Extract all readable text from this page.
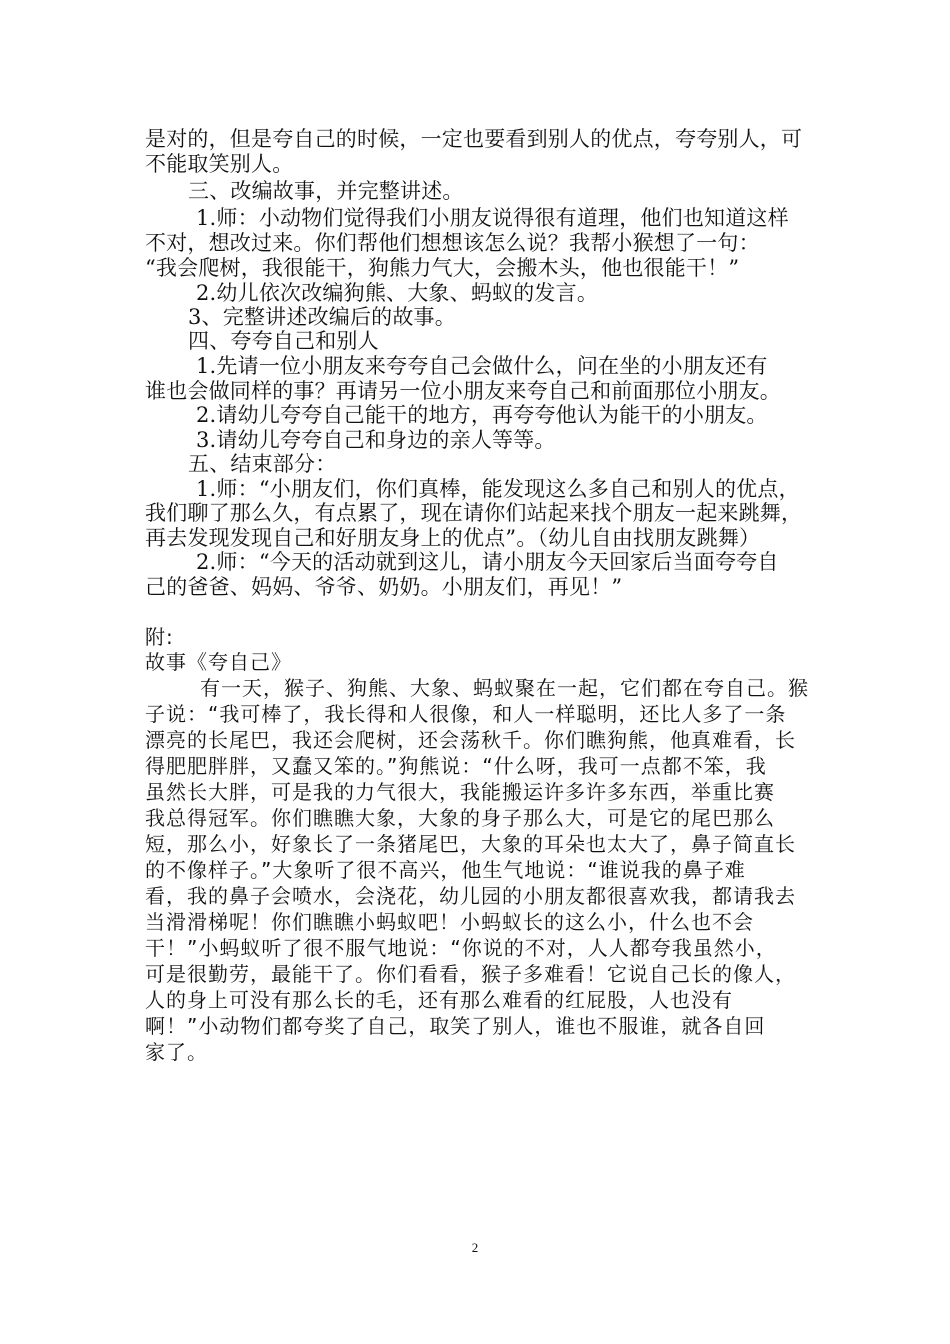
是对的，但是夸自己的时候，一定也要看到别人的优点，夸夸别人，可

不能取笑别人。

三、改编故事，并完整讲述。

1.师：小动物们觉得我们小朋友说得很有道理，他们也知道这样

不对，想改过来。你们帮他们想想该怎么说？我帮小猴想了一句：

“我会爬树，我很能干，狗熊力气大，会搬木头，他也很能干！”

2.幼儿依次改编狗熊、大象、蚂蚁的发言。

3、完整讲述改编后的故事。

四、夸夸自己和别人

1.先请一位小朋友来夸夸自己会做什么，问在坐的小朋友还有

谁也会做同样的事？再请另一位小朋友来夸自己和前面那位小朋友。

2.请幼儿夸夸自己能干的地方，再夸夸他认为能干的小朋友。

3.请幼儿夸夸自己和身边的亲人等等。

五、结束部分：

1.师：“小朋友们，你们真棒，能发现这么多自己和别人的优点，

我们聊了那么久，有点累了，现在请你们站起来找个朋友一起来跳舞，

再去发现发现自己和好朋友身上的优点”。（幼儿自由找朋友跳舞）

2.师：“今天的活动就到这儿，请小朋友今天回家后当面夸夸自

己的爸爸、妈妈、爷爷、奶奶。小朋友们，再见！”

附:

故事《夸自己》

有一天，猴子、狗熊、大象、蚂蚁聚在一起，它们都在夸自己。猴

子说：“我可棒了，我长得和人很像，和人一样聪明，还比人多了一条

漂亮的长尾巴，我还会爬树，还会荡秋千。你们瞧狗熊，他真难看，长

得肥肥胖胖，又蠢又笨的。”狗熊说：“什么呀，我可一点都不笨，我

虽然长大胖，可是我的力气很大，我能搬运许多许多东西，举重比赛

我总得冠军。你们瞧瞧大象，大象的身子那么大，可是它的尾巴那么

短，那么小，好象长了一条猪尾巴，大象的耳朵也太大了，鼻子简直长

的不像样子。”大象听了很不高兴，他生气地说：“谁说我的鼻子难

看，我的鼻子会喷水，会浇花，幼儿园的小朋友都很喜欢我，都请我去

当滑滑梯呢！你们瞧瞧小蚂蚁吧！小蚂蚁长的这么小，什么也不会

干！”小蚂蚁听了很不服气地说：“你说的不对，人人都夸我虽然小，

可是很勤劳，最能干了。你们看看，猴子多难看！它说自己长的像人，

人的身上可没有那么长的毛，还有那么难看的红屁股，人也没有

啊！”小动物们都夸奖了自己，取笑了别人，谁也不服谁，就各自回

家了。

2
